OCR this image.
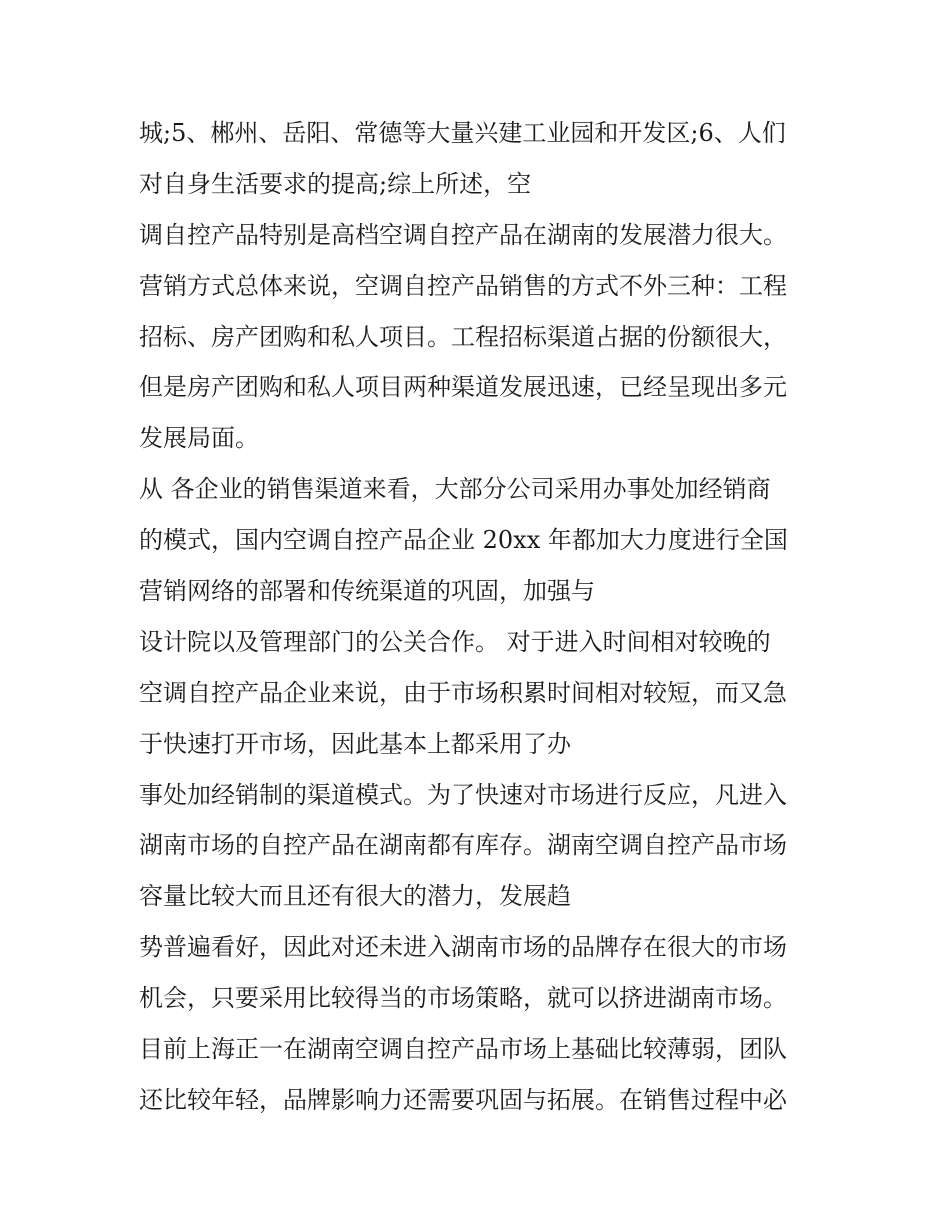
城;5、郴州、岳阳、常德等大量兴建工业园和开发区;6、人们
对自身生活要求的提高;综上所述，空
调自控产品特别是高档空调自控产品在湖南的发展潜力很大。
营销方式总体来说，空调自控产品销售的方式不外三种：工程
招标、房产团购和私人项目。工程招标渠道占据的份额很大，
但是房产团购和私人项目两种渠道发展迅速，已经呈现出多元
发展局面。
从 各企业的销售渠道来看，大部分公司采用办事处加经销商
的模式，国内空调自控产品企业 20xx 年都加大力度进行全国
营销网络的部署和传统渠道的巩固，加强与
设计院以及管理部门的公关合作。 对于进入时间相对较晚的
空调自控产品企业来说，由于市场积累时间相对较短，而又急
于快速打开市场，因此基本上都采用了办
事处加经销制的渠道模式。为了快速对市场进行反应，凡进入
湖南市场的自控产品在湖南都有库存。湖南空调自控产品市场
容量比较大而且还有很大的潜力，发展趋
势普遍看好，因此对还未进入湖南市场的品牌存在很大的市场
机会，只要采用比较得当的市场策略，就可以挤进湖南市场。
目前上海正一在湖南空调自控产品市场上基础比较薄弱，团队
还比较年轻，品牌影响力还需要巩固与拓展。在销售过程中必
